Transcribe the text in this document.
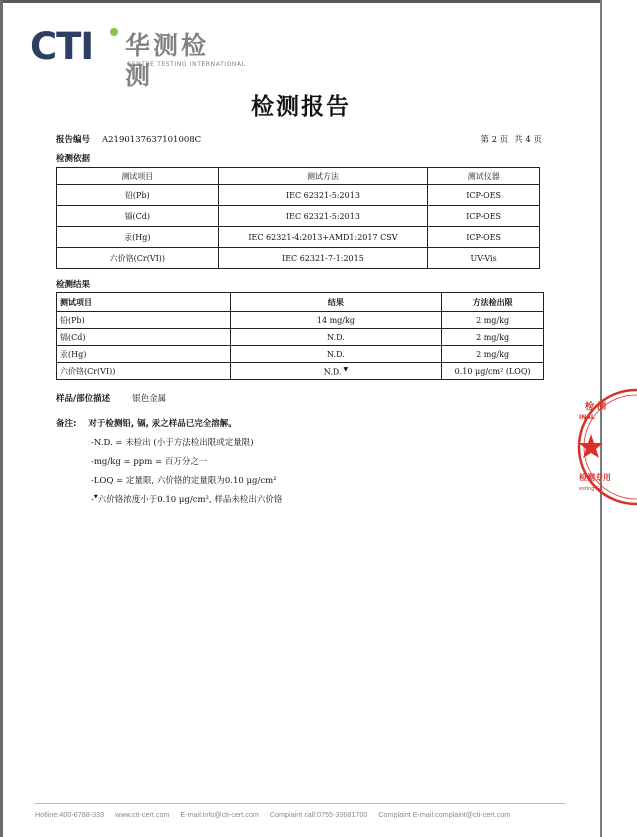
CTI 华测检测
CENTRE TESTING INTERNATIONAL
检测报告
报告编号 A2190137637101008C	第 2 页 共 4 页
检测依据
测试项目	测试方法	测试仪器
铅(Pb)	IEC 62321-5:2013	ICP-OES
镉(Cd)	IEC 62321-5:2013	ICP-OES
汞(Hg)	IEC 62321-4:2013+AMD1:2017 CSV	ICP-OES
六价铬(Cr(VI))	IEC 62321-7-1:2015	UV-Vis
检测结果
测试项目	结果	方法检出限
铅(Pb)	14 mg/kg	2 mg/kg
镉(Cd)	N.D.	2 mg/kg
汞(Hg)	N.D.	2 mg/kg
六价铬(Cr(VI))	N.D. ▼	0.10 μg/cm² (LOQ)
样品/部位描述	银色金属
备注: 对于检测铅, 镉, 汞之样品已完全溶解。
-N.D. = 未检出 (小于方法检出限或定量限)
-mg/kg = ppm = 百万分之一
-LOQ = 定量限, 六价铬的定量限为0.10 μg/cm²
-▼六价铬浓度小于0.10 μg/cm², 样品未检出六价铬
检 测
INAL
检测专用
esting Se
Hotline:400-6788-333 www.cti-cert.com E-mail:info@cti-cert.com Complaint call:0755-33681700 Complaint E-mail:complaint@cti-cert.com
